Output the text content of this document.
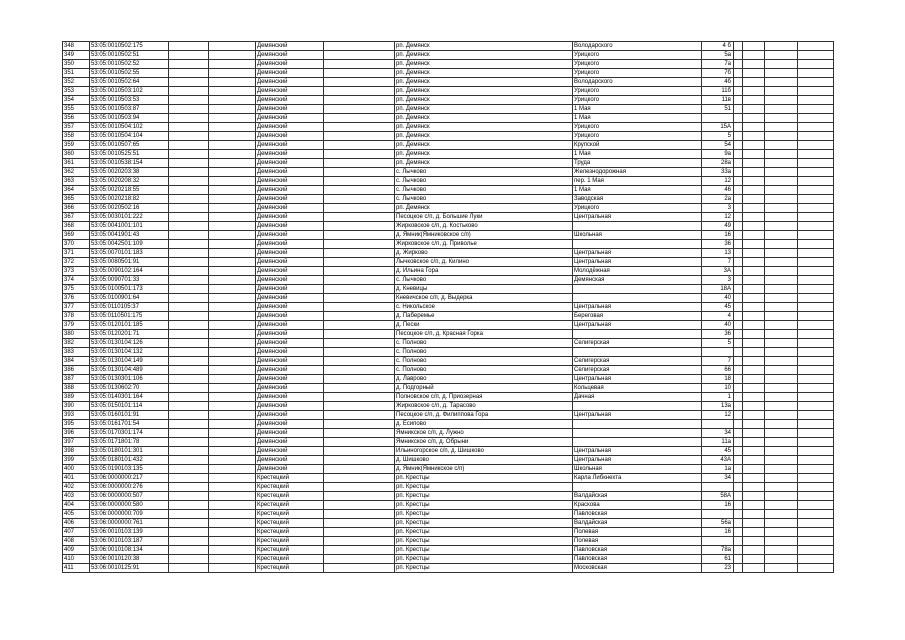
348	53:05:0010502:175			Демянский		рп. Демянск	Володарского	4 б				
349	53:05:0010502:51			Демянский		рп. Демянск	Урицкого	5а				
350	53:05:0010502:52			Демянский		рп. Демянск	Урицкого	7а				
351	53:05:0010502:55			Демянский		рп. Демянск	Урицкого	7б				
352	53:05:0010502:64			Демянский		рп. Демянск	Володарского	4б				
353	53:05:0010503:102			Демянский		рп. Демянск	Урицкого	11б				
354	53:05:0010503:53			Демянский		рп. Демянск	Урицкого	11в				
355	53:05:0010503:87			Демянский		рп. Демянск	1 Мая	51				
356	53:05:0010503:94			Демянский		рп. Демянск	1 Мая					
357	53:05:0010504:102			Демянский		рп. Демянск	Урицкого	15А				
358	53:05:0010504:104			Демянский		рп. Демянск	Урицкого	5				
359	53:05:0010507:65			Демянский		рп. Демянск	Крупской	54				
360	53:05:0010525:51			Демянский		рп. Демянск	1 Мая	9а				
361	53:05:0010538:154			Демянский		рп. Демянск	Труда	28а				
362	53:05:0020203:38			Демянский		с. Лычково	Железнодорожная	33а				
363	53:05:0020208:32			Демянский		с. Лычково	пер. 1 Мая	12				
364	53:05:0020218:55			Демянский		с. Лычково	1 Мая	46				
365	53:05:0020218:82			Демянский		с. Лычково	Заводская	2а				
366	53:05:0020502:16			Демянский		рп. Демянск	Урицкого	3				
367	53:05:0030101:222			Демянский		Песоцкое с/п, д. Большие Луки	Центральная	12				
368	53:05:0041001:101			Демянский		Жирковское с/п, д. Костьково		49				
369	53:05:0041901:43			Демянский		д. Ямник(Ямниковское с/п)	Школьная	16				
370	53:05:0042501:109			Демянский		Жирковское с/п, д. Приволье		36				
371	53:05:0070101:183			Демянский		д. Жирково	Центральная	13				
372	53:05:0080501:91			Демянский		Лычковское с/п, д. Килино	Центральная	7				
373	53:05:0090102:164			Демянский		д. Ильина Гора	Молодёжная	3А				
374	53:05:0090701:33			Демянский		с. Лычково	Демянская	3				
375	53:05:0100501:173			Демянский		д. Кневицы		18А				
376	53:05:0100901:64			Демянский		Кневичское с/п, д. Выдерка		40				
377	53:05:0110105:37			Демянский		с. Никольское	Центральная	45				
378	53:05:0110501:175			Демянский		д. Паберемье	Береговая	4				
379	53:05:0120101:185			Демянский		д. Пески	Центральная	40				
380	53:05:0120201:71			Демянский		Песоцкое с/п, д. Красная Горка		36				
382	53:05:0130104:126			Демянский		с. Полново	Селигерская	5				
383	53:05:0130104:132			Демянский		с. Полново						
384	53:05:0130104:149			Демянский		с. Полново	Селигерская	7				
386	53:05:0130104:489			Демянский		с. Полново	Селигерская	66				
387	53:05:0130301:106			Демянский		д. Лаврово	Центральная	18				
388	53:05:0130602:70			Демянский		д. Подгорный	Кольцевая	10				
389	53:05:0140301:164			Демянский		Полновское с/п, д. Приозерная	Дачная	1				
390	53:05:0150101:114			Демянский		Жирковское с/п, д. Тарасово		13а				
393	53:05:0160101:91			Демянский		Песоцкое с/п, д. Филиппова Гора	Центральная	12				
395	53:05:0161701:54			Демянский		д. Есипово						
396	53:05:0170301:174			Демянский		Ямникское с/п, д. Лужно		34				
397	53:05:0171801:78			Демянский		Ямникское с/п, д. Обрыни		11а				
398	53:05:0180101:301			Демянский		Ильиногорское с/п, д. Шишково	Центральная	45				
399	53:05:0180101:432			Демянский		д. Шишково	Центральная	43А				
400	53:05:0190103:135			Демянский		д. Ямник(Ямникское с/п)	Школьная	1а				
401	53:06:0000000:217			Крестецкий		рп. Крестцы	Карла Либкнехта	34				
402	53:06:0000000:276			Крестецкий		рп. Крестцы						
403	53:06:0000000:507			Крестецкий		рп. Крестцы	Валдайская	58А				
404	53:06:0000000:580			Крестецкий		рп. Крестцы	Краскова	16				
405	53:06:0000000:709			Крестецкий		рп. Крестцы	Павловская					
406	53:06:0000000:761			Крестецкий		рп. Крестцы	Валдайская	56а				
407	53:06:0010103:139			Крестецкий		рп. Крестцы	Полевая	16				
408	53:06:0010103:187			Крестецкий		рп. Крестцы	Полевая					
409	53:06:0010108:134			Крестецкий		рп. Крестцы	Павловская	78а				
410	53:06:0010120:38			Крестецкий		рп. Крестцы	Павловская	61				
411	53:06:0010125:91			Крестецкий		рп. Крестцы	Московская	23				
